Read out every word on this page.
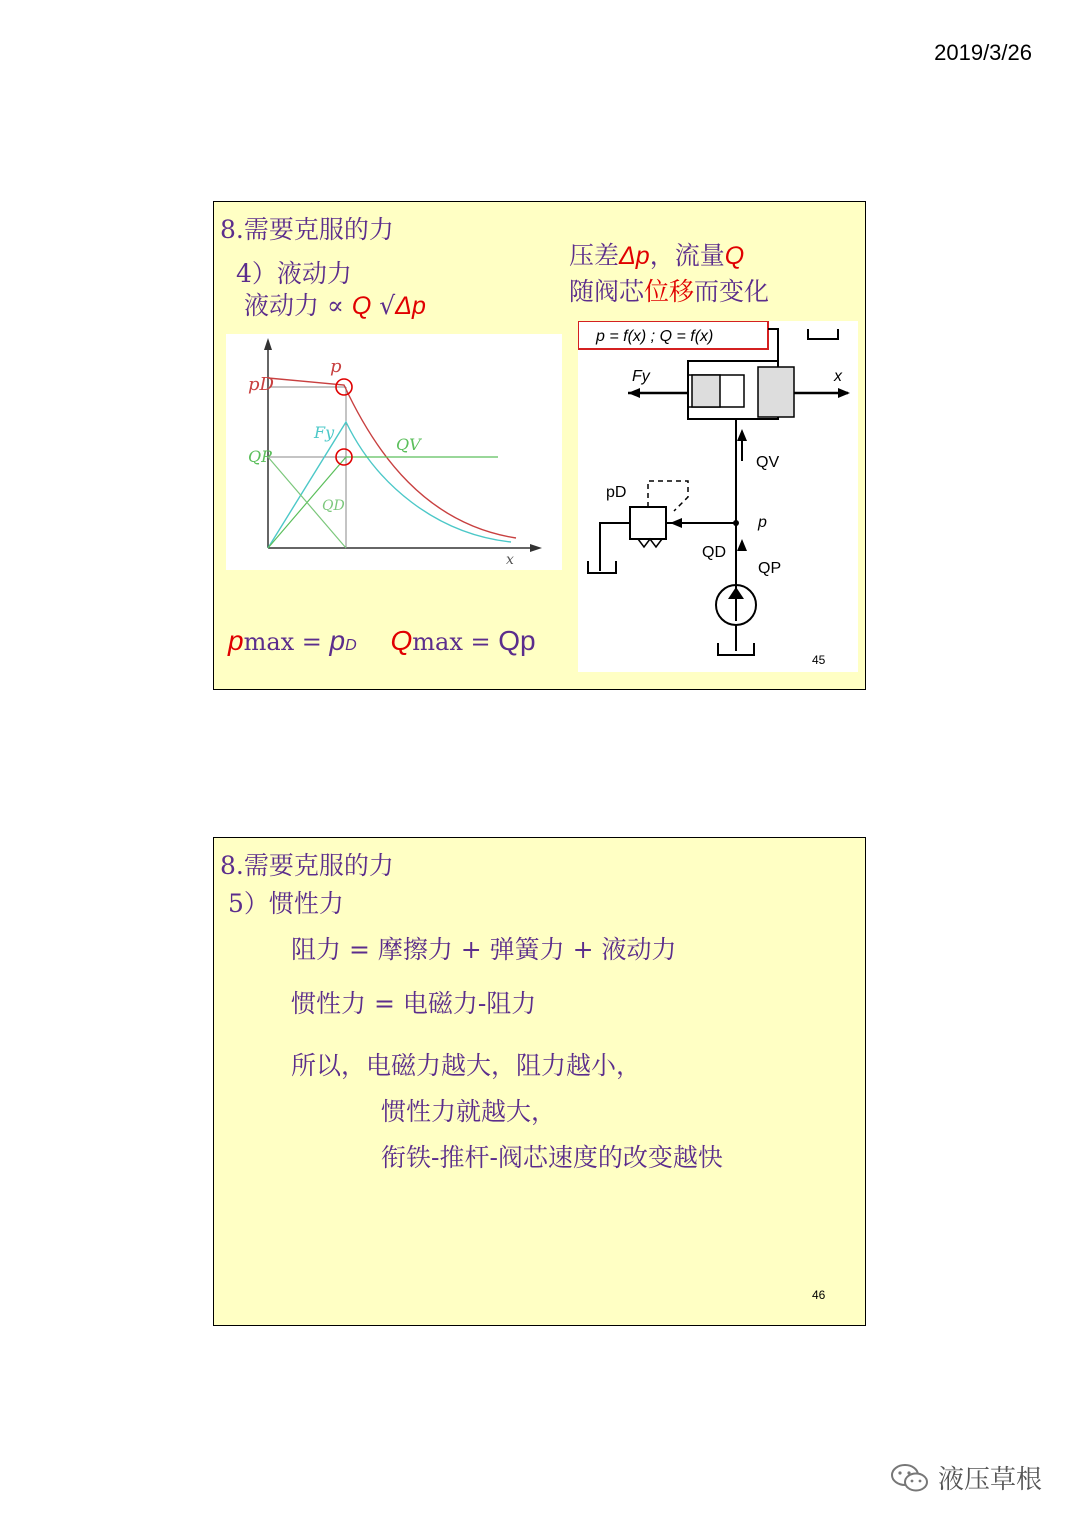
2019/3/26
8.需要克服的力
4）液动力
液动力 ∝ Q √Δp
压差Δp，流量Q
随阀芯位移而变化
pD
p
Fy
QV
QP
QD
x
p = f(x) ; Q = f(x)
Fy	x
QV
pD
p
QD
QP
45
pmax = pD Qmax = Qp
8.需要克服的力
5）惯性力
阻力 = 摩擦力 + 弹簧力 + 液动力
惯性力 = 电磁力-阻力
所以，电磁力越大，阻力越小，
惯性力就越大，
衔铁-推杆-阀芯速度的改变越快
46
液压草根
